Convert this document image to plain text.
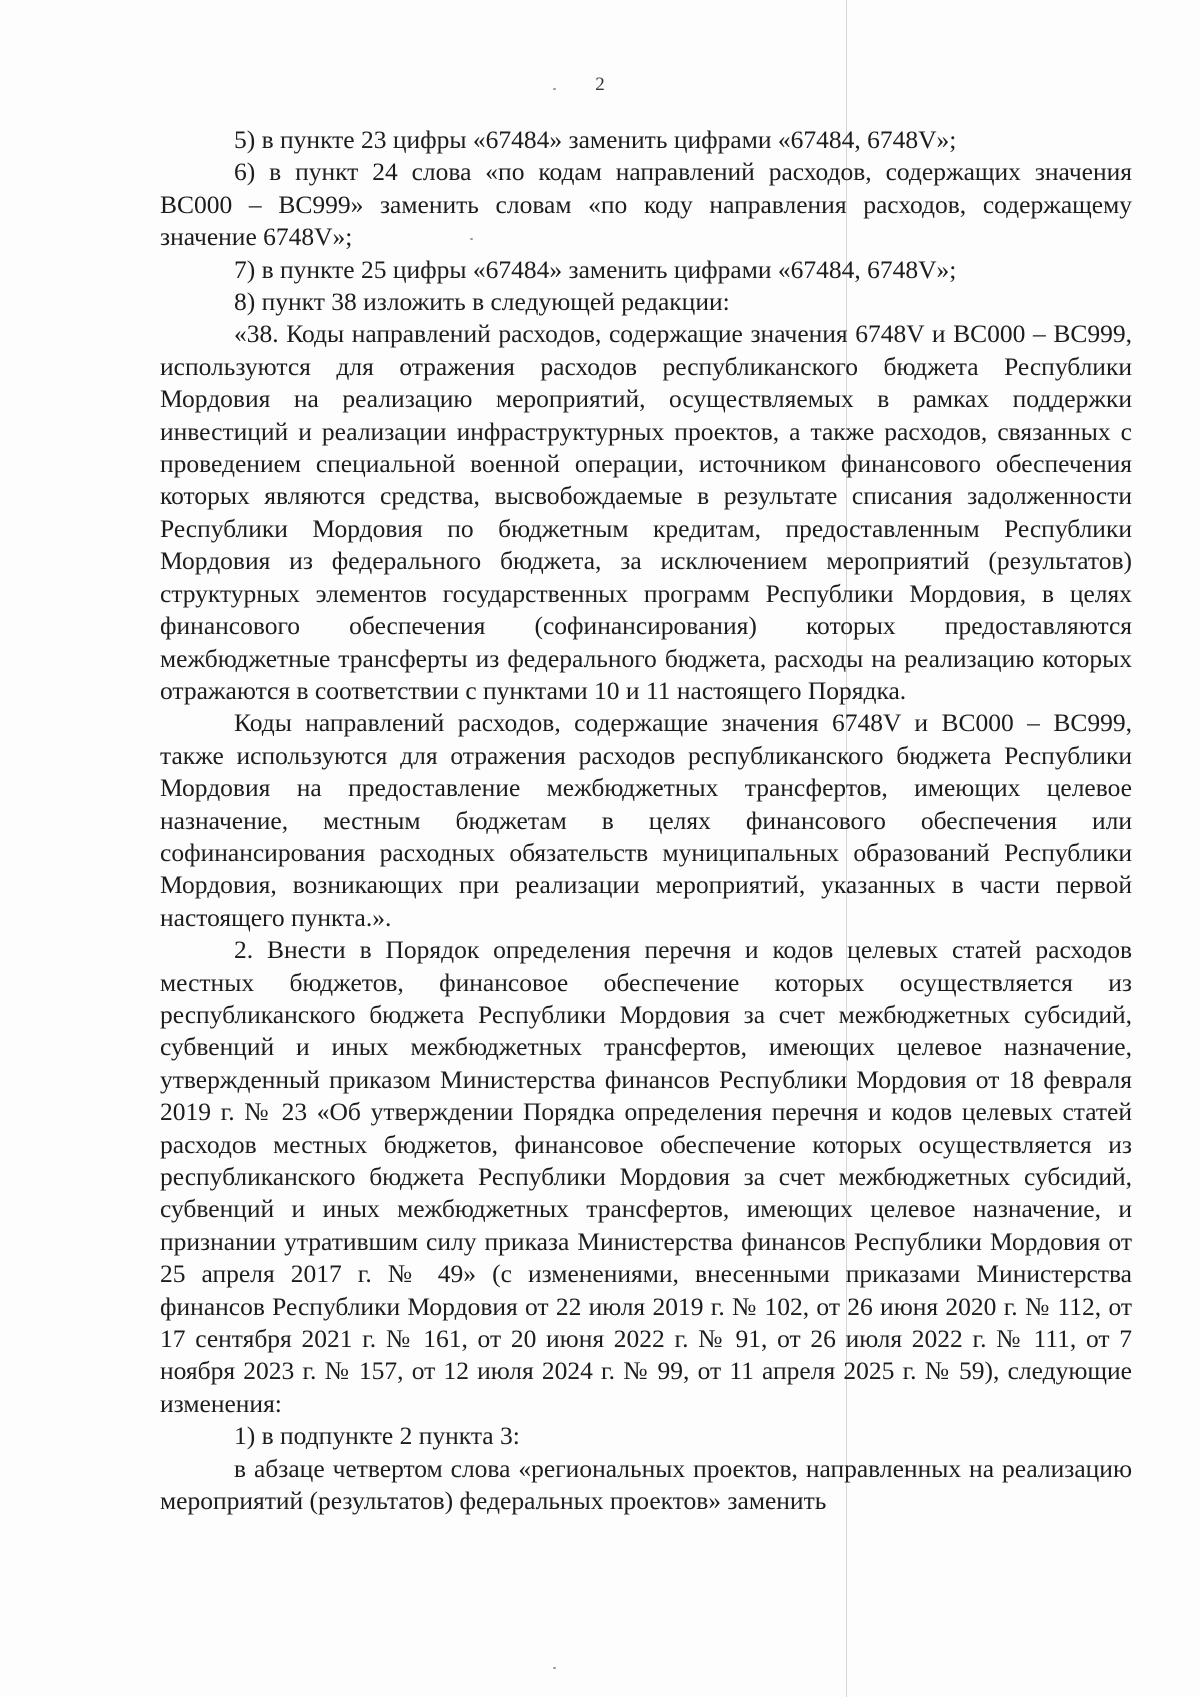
2

5) в пункте 23 цифры «67484» заменить цифрами «67484, 6748V»;

6) в пункт 24 слова «по кодам направлений расходов, содержащих значения BC000 – BC999» заменить словам «по коду направления расходов, содержащему значение 6748V»;

7) в пункте 25 цифры «67484» заменить цифрами «67484, 6748V»;

8) пункт 38 изложить в следующей редакции:

«38. Коды направлений расходов, содержащие значения 6748V и BC000 – BC999, используются для отражения расходов республиканского бюджета Республики Мордовия на реализацию мероприятий, осуществляемых в рамках поддержки инвестиций и реализации инфраструктурных проектов, а также расходов, связанных с проведением специальной военной операции, источником финансового обеспечения которых являются средства, высвобождаемые в результате списания задолженности Республики Мордовия по бюджетным кредитам, предоставленным Республики Мордовия из федерального бюджета, за исключением мероприятий (результатов) структурных элементов государственных программ Республики Мордовия, в целях финансового обеспечения (софинансирования) которых предоставляются межбюджетные трансферты из федерального бюджета, расходы на реализацию которых отражаются в соответствии с пунктами 10 и 11 настоящего Порядка.

Коды направлений расходов, содержащие значения 6748V и BC000 – BC999, также используются для отражения расходов республиканского бюджета Республики Мордовия на предоставление межбюджетных трансфертов, имеющих целевое назначение, местным бюджетам в целях финансового обеспечения или софинансирования расходных обязательств муниципальных образований Республики Мордовия, возникающих при реализации мероприятий, указанных в части первой настоящего пункта.».

2. Внести в Порядок определения перечня и кодов целевых статей расходов местных бюджетов, финансовое обеспечение которых осуществляется из республиканского бюджета Республики Мордовия за счет межбюджетных субсидий, субвенций и иных межбюджетных трансфертов, имеющих целевое назначение, утвержденный приказом Министерства финансов Республики Мордовия от 18 февраля 2019 г. № 23 «Об утверждении Порядка определения перечня и кодов целевых статей расходов местных бюджетов, финансовое обеспечение которых осуществляется из республиканского бюджета Республики Мордовия за счет межбюджетных субсидий, субвенций и иных межбюджетных трансфертов, имеющих целевое назначение, и признании утратившим силу приказа Министерства финансов Республики Мордовия от 25 апреля 2017 г. № 49» (с изменениями, внесенными приказами Министерства финансов Республики Мордовия от 22 июля 2019 г. № 102, от 26 июня 2020 г. № 112, от 17 сентября 2021 г. № 161, от 20 июня 2022 г. № 91, от 26 июля 2022 г. № 111, от 7 ноября 2023 г. № 157, от 12 июля 2024 г. № 99, от 11 апреля 2025 г. № 59), следующие изменения:

1) в подпункте 2 пункта 3:

в абзаце четвертом слова «региональных проектов, направленных на реализацию мероприятий (результатов) федеральных проектов» заменить
